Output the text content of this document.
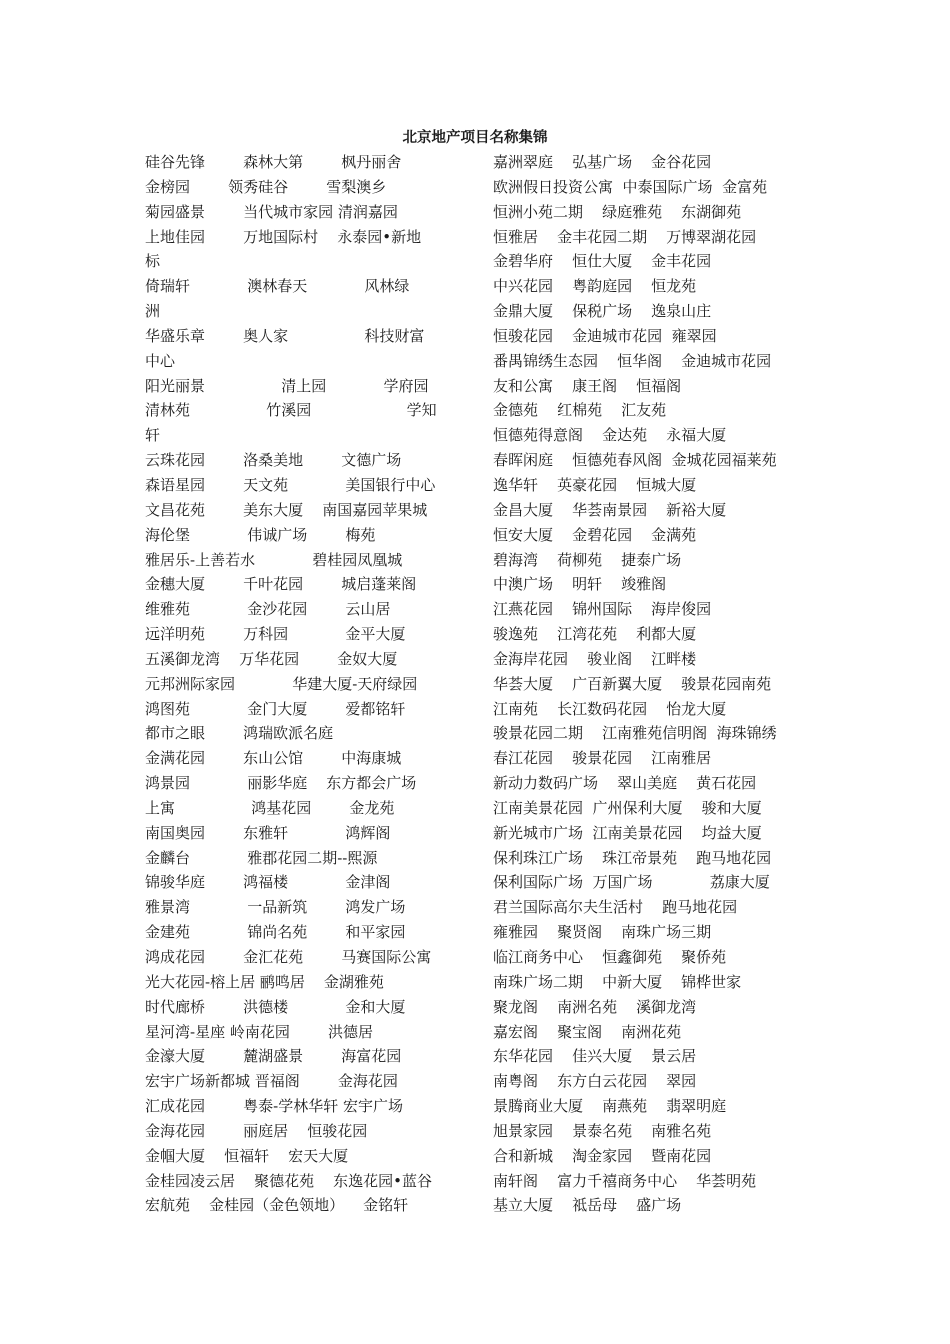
北京地产项目名称集锦
硅谷先锋        森林大第        枫丹丽舍
金榜园        领秀硅谷        雪梨澳乡
菊园盛景        当代城市家园 清润嘉园
上地佳园        万地国际村    永泰园•新地
标
倚瑞轩            澳林春天            风林绿
洲
华盛乐章        奥人家                科技财富
中心
阳光丽景                清上园            学府园
清林苑                竹溪园                    学知
轩
云珠花园        洛桑美地        文德广场
森语星园        天文苑            美国银行中心
文昌花苑        美东大厦    南国嘉园苹果城
海伦堡            伟诚广场        梅苑
雅居乐-上善若水            碧桂园凤凰城
金穗大厦        千叶花园        城启蓬莱阁
维雅苑            金沙花园        云山居
远洋明苑        万科园            金平大厦
五溪御龙湾    万华花园        金奴大厦
元邦洲际家园            华建大厦-天府绿园
鸿图苑            金门大厦        爱都铭轩
都市之眼        鸿瑞欧派名庭
金满花园        东山公馆        中海康城
鸿景园            丽影华庭    东方都会广场
上寓                鸿基花园        金龙苑
南国奥园        东雅轩            鸿辉阁
金麟台            雅郡花园二期--熙源
锦骏华庭        鸿福楼            金津阁
雅景湾            一品新筑        鸿发广场
金建苑            锦尚名苑        和平家园
鸿成花园        金汇花苑        马赛国际公寓
光大花园-榕上居 鹂鸣居    金湖雅苑
时代廊桥        洪德楼            金和大厦
星河湾-星座 岭南花园        洪德居
金濠大厦        麓湖盛景        海富花园
宏宇广场新都城 晋福阁        金海花园
汇成花园        粤泰-学林华轩 宏宇广场
金海花园        丽庭居    恒骏花园
金帼大厦    恒福轩    宏天大厦
金桂园凌云居    聚德花苑    东逸花园•蓝谷
宏航苑    金桂园（金色领地）    金铭轩
嘉洲翠庭    弘基广场    金谷花园
欧洲假日投资公寓  中泰国际广场  金富苑
恒洲小苑二期    绿庭雅苑    东湖御苑
恒雅居    金丰花园二期    万博翠湖花园
金碧华府    恒仕大厦    金丰花园
中兴花园    粤韵庭园    恒龙苑
金鼎大厦    保税广场    逸泉山庄
恒骏花园    金迪城市花园  雍翠园
番禺锦绣生态园    恒华阁    金迪城市花园
友和公寓    康王阁    恒福阁
金德苑    红棉苑    汇友苑
恒德苑得意阁    金达苑    永福大厦
春晖闲庭    恒德苑春风阁  金城花园福莱苑
逸华轩    英豪花园    恒城大厦
金昌大厦    华荟南景园    新裕大厦
恒安大厦    金碧花园    金满苑
碧海湾    荷柳苑    捷泰广场
中澳广场    明轩    竣雅阁
江燕花园    锦州国际    海岸俊园
骏逸苑    江湾花苑    利都大厦
金海岸花园    骏业阁    江畔楼
华荟大厦    广百新翼大厦    骏景花园南苑
江南苑    长江数码花园    怡龙大厦
骏景花园二期    江南雅苑信明阁  海珠锦绣
春江花园    骏景花园    江南雅居
新动力数码广场    翠山美庭    黄石花园
江南美景花园  广州保利大厦    骏和大厦
新光城市广场  江南美景花园    均益大厦
保利珠江广场    珠江帝景苑    跑马地花园
保利国际广场  万国广场            荔康大厦
君兰国际高尔夫生活村    跑马地花园
雍雅园    聚贤阁    南珠广场三期
临江商务中心    恒鑫御苑    聚侨苑
南珠广场二期    中新大厦    锦桦世家
聚龙阁    南洲名苑    溪御龙湾
嘉宏阁    聚宝阁    南洲花苑
东华花园    佳兴大厦    景云居
南粤阁    东方白云花园    翠园
景腾商业大厦    南燕苑    翡翠明庭
旭景家园    景泰名苑    南雅名苑
合和新城    淘金家园    暨南花园
南轩阁    富力千禧商务中心    华荟明苑
基立大厦    祗岳母    盛广场
